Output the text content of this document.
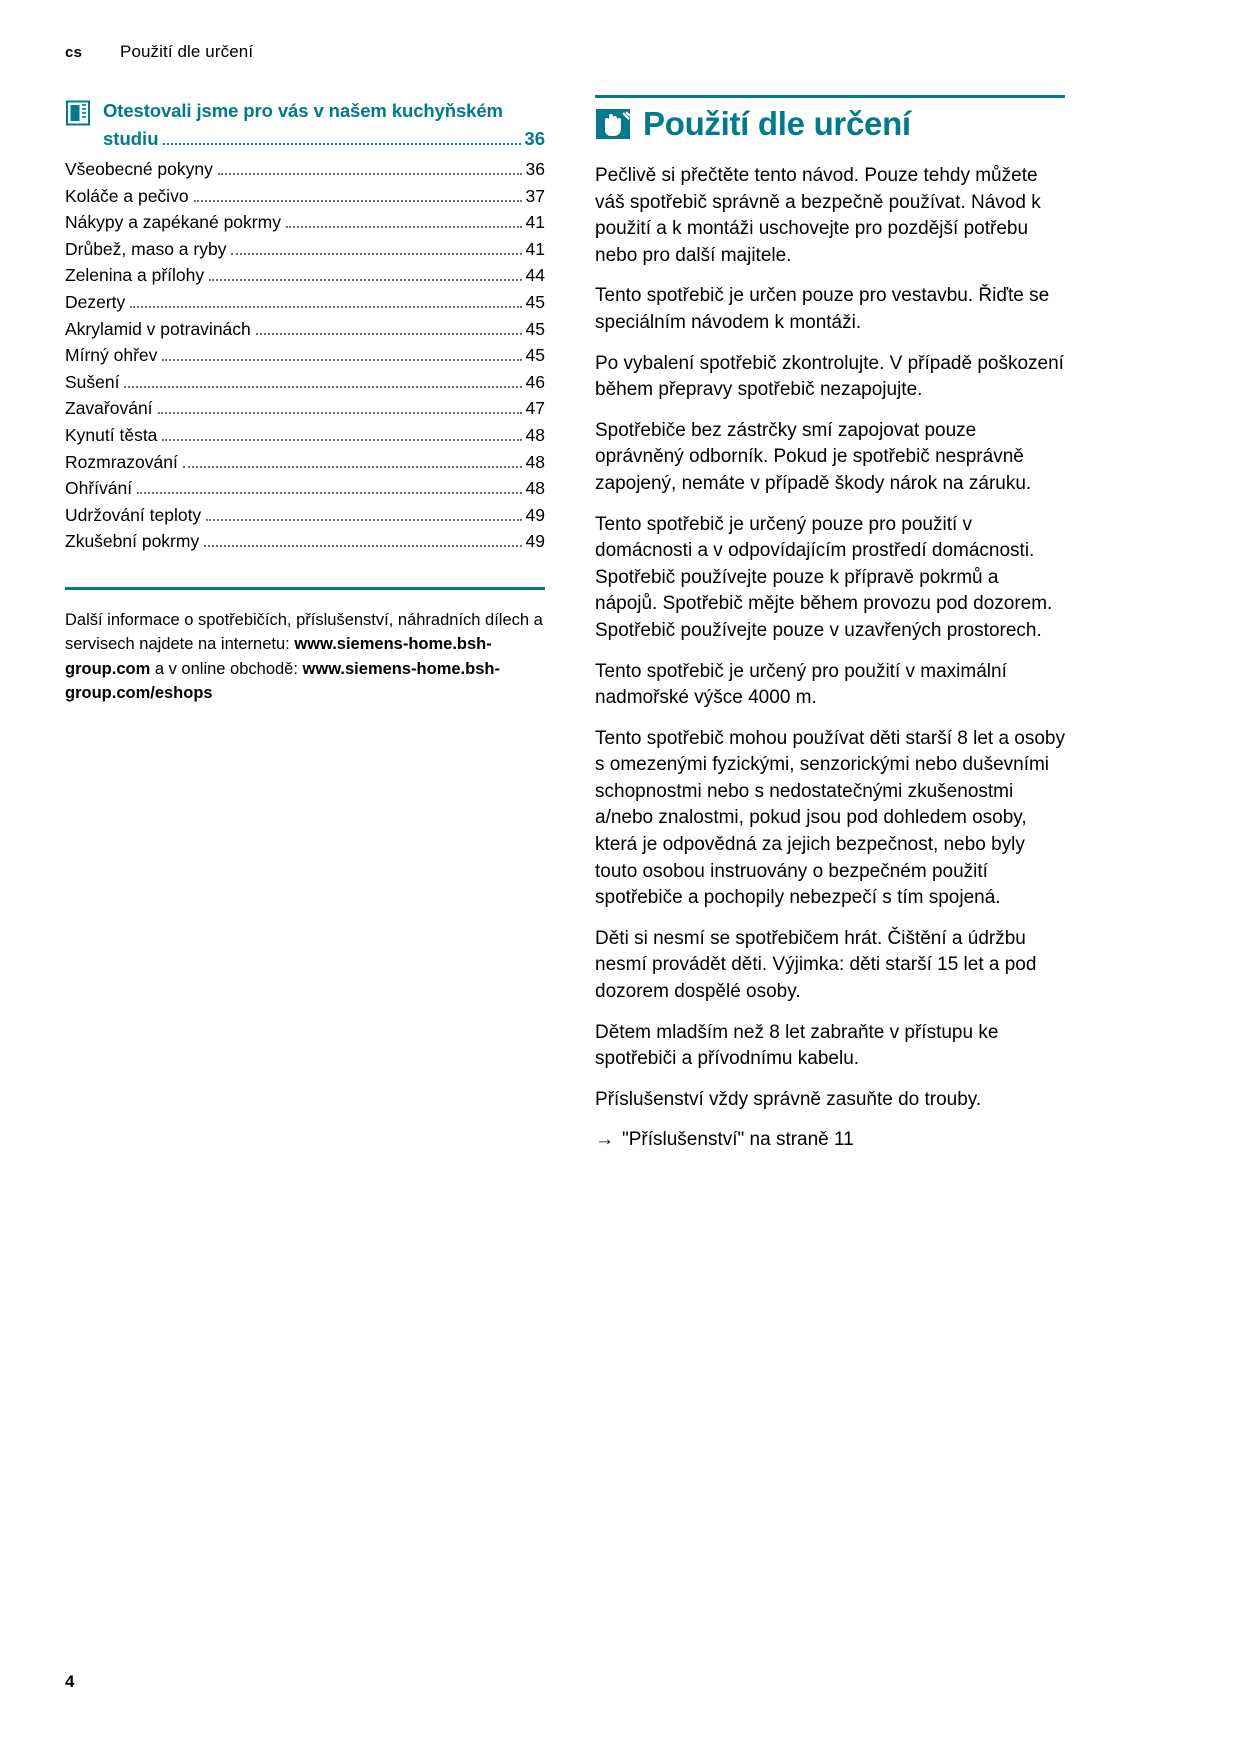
cs Použití dle určení
Otestovali jsme pro vás v našem kuchyňském
studiu	36
Všeobecné pokyny	36
Koláče a pečivo	37
Nákypy a zapékané pokrmy	41
Drůbež, maso a ryby	41
Zelenina a přílohy	44
Dezerty	45
Akrylamid v potravinách	45
Mírný ohřev	45
Sušení	46
Zavařování	47
Kynutí těsta	48
Rozmrazování	48
Ohřívání	48
Udržování teploty	49
Zkušební pokrmy	49
Další informace o spotřebičích, příslušenství, náhradních dílech a servisech najdete na internetu: www.siemens-home.bsh-group.com a v online obchodě: www.siemens-home.bsh-group.com/eshops
Použití dle určení

Pečlivě si přečtěte tento návod. Pouze tehdy můžete váš spotřebič správně a bezpečně používat. Návod k použití a k montáži uschovejte pro pozdější potřebu nebo pro další majitele.

Tento spotřebič je určen pouze pro vestavbu. Řiďte se speciálním návodem k montáži.

Po vybalení spotřebič zkontrolujte. V případě poškození během přepravy spotřebič nezapojujte.

Spotřebiče bez zástrčky smí zapojovat pouze oprávněný odborník. Pokud je spotřebič nesprávně zapojený, nemáte v případě škody nárok na záruku.

Tento spotřebič je určený pouze pro použití v domácnosti a v odpovídajícím prostředí domácnosti. Spotřebič používejte pouze k přípravě pokrmů a nápojů. Spotřebič mějte během provozu pod dozorem. Spotřebič používejte pouze v uzavřených prostorech.

Tento spotřebič je určený pro použití v maximální nadmořské výšce 4000 m.

Tento spotřebič mohou používat děti starší 8 let a osoby s omezenými fyzickými, senzorickými nebo duševními schopnostmi nebo s nedostatečnými zkušenostmi a/nebo znalostmi, pokud jsou pod dohledem osoby, která je odpovědná za jejich bezpečnost, nebo byly touto osobou instruovány o bezpečném použití spotřebiče a pochopily nebezpečí s tím spojená.

Děti si nesmí se spotřebičem hrát. Čištění a údržbu nesmí provádět děti. Výjimka: děti starší 15 let a pod dozorem dospělé osoby.

Dětem mladším než 8 let zabraňte v přístupu ke spotřebiči a přívodnímu kabelu.

Příslušenství vždy správně zasuňte do trouby.

→ "Příslušenství" na straně 11

4
